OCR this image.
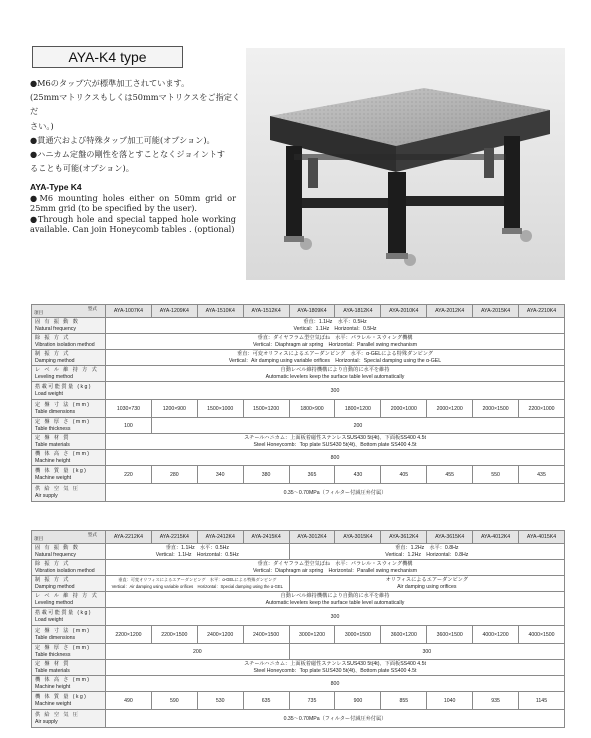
AYA-K4 type
●M6のタップ穴が標準加工されています。
(25mmマトリクスもしくは50mmマトリクスをご指定くだ
さい。)
●貫通穴および特殊タップ加工可能(オプション)。
●ハニカム定盤の剛性を落とすことなくジョイントす
ることも可能(オプション)。
AYA-Type K4
●M6 mounting holes either on 50mm grid or 25mm grid (to be specified by the user).
●Through hole and special tapped hole working available. Can join Honeycomb tables . (optional)
項目
型式	AYA-1007K4	AYA-1209K4	AYA-1510K4	AYA-1512K4	AYA-1809K4	AYA-1812K4	AYA-2010K4	AYA-2012K4	AYA-2015K4	AYA-2210K4
固 有 振 動 数
Natural frequency	垂直：1.1Hz　水平：0.5Hz
Vertical：1.1Hz　Horizontal：0.5Hz									

除 振 方 式
Vibration isolation method	垂直：ダイヤフラム型空気ばね　水平：パラレル・スウィング機構
Vertical：Diaphragm air spring　Horizontal：Parallel swing mechanism									

制 振 方 式
Damping method	垂直：可変オリフィスによるエアーダンピング　水平：α-GELによる特殊ダンピング
Vertical：Air damping using variable orifices　Horizontal：Special damping using the α-GEL									

レ ベ ル 維 持 方 式
Leveling method	自動レベル維持機構により自動的に水平を維持
Automatic levelers keep the surface table level automatically									

搭載可能質量 (kg)
Load weight	300									
定 盤 寸 法 (mm)
Table dimensions	1030×730	1200×900	1500×1000	1500×1200	1800×900	1800×1200	2000×1000	2000×1200	2000×1500	2200×1000
定 盤 厚 さ (mm)
Table thickness	100	200								
定 盤 材 質
Table materials	スチールハニカム：上面板着磁性ステンレスSUS430 5t(4t)、下面板SS400 4.5t
Steel Honeycomb：Top plate SUS430 5t(4t)、Bottom plate SS400 4.5t									

機 体 高 さ (mm)
Machine height	800									
機 体 質 量 (kg)
Machine weight	220	280	340	380	365	430	405	455	550	435
供 給 空 気 圧
Air supply	0.35～0.70MPa（フィルター付減圧弁付属）									
項目
型式	AYA-2212K4	AYA-2215K4	AYA-2412K4	AYA-2415K4	AYA-3012K4	AYA-3015K4	AYA-3612K4	AYA-3615K4	AYA-4012K4	AYA-4015K4
固 有 振 動 数
Natural frequency	垂直：1.1Hz　水平：0.5Hz
Vertical：1.1Hz　Horizontal：0.5Hz				垂直：1.2Hz　水平：0.8Hz
Vertical：1.2Hz　Horizontal：0.8Hz					

除 振 方 式
Vibration isolation method	垂直：ダイヤフラム型空気ばね　水平：パラレル・スウィング機構
Vertical：Diaphragm air spring　Horizontal：Parallel swing mechanism									

制 振 方 式
Damping method	垂直：可変オリフィスによるエアーダンピング　水平：α-GELによる特殊ダンピング
Vertical：Air damping using variable orifices　Horizontal：Special damping using the α-GEL				オリフィスによるエアーダンピング
Air damping using orifices					

レ ベ ル 維 持 方 式
Leveling method	自動レベル維持機構により自動的に水平を維持
Automatic levelers keep the surface table level automatically									

搭載可能質量 (kg)
Load weight	300									
定 盤 寸 法 (mm)
Table dimensions	2200×1200	2200×1500	2400×1200	2400×1500	3000×1200	3000×1500	3600×1200	3600×1500	4000×1200	4000×1500
定 盤 厚 さ (mm)
Table thickness	200				300					
定 盤 材 質
Table materials	スチールハニカム：上面板着磁性ステンレスSUS430 5t(4t)、下面板SS400 4.5t
Steel Honeycomb：Top plate SUS430 5t(4t)、Bottom plate SS400 4.5t									

機 体 高 さ (mm)
Machine height	800									
機 体 質 量 (kg)
Machine weight	490	590	530	635	735	900	855	1040	935	1145
供 給 空 気 圧
Air supply	0.35～0.70MPa（フィルター付減圧弁付属）									
